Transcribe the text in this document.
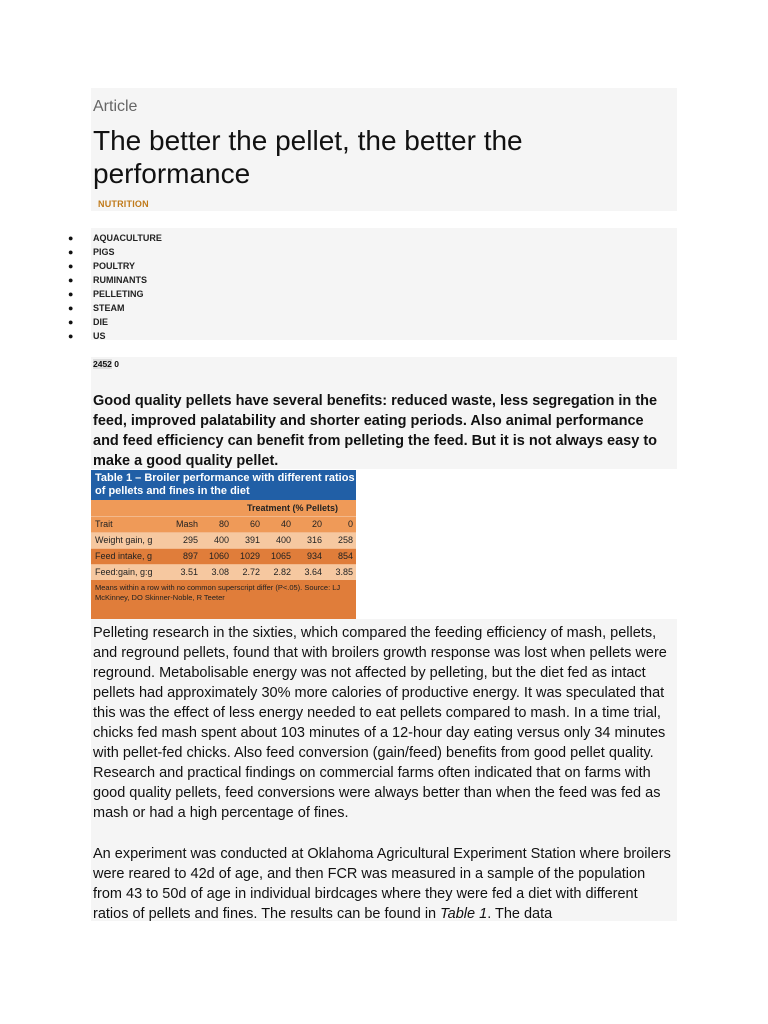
Article
The better the pellet, the better the performance
NUTRITION
● AQUACULTURE
● PIGS
● POULTRY
● RUMINANTS
● PELLETING
● STEAM
● DIE
● US
2452 0

Good quality pellets have several benefits: reduced waste, less segregation in the feed, improved palatability and shorter eating periods. Also animal performance and feed efficiency can benefit from pelleting the feed. But it is not always easy to make a good quality pellet.

Table 1 – Broiler performance with different ratios of pellets and fines in the diet
Treatment (% Pellets)
Trait	Mash	80	60	40	20	0
Weight gain, g	295	400	391	400	316	258
Feed intake, g	897	1060	1029	1065	934	854
Feed:gain, g:g	3.51	3.08	2.72	2.82	3.64	3.85
Means within a row with no common superscript differ (P<.05). Source: LJ McKinney, DO Skinner-Noble, R Teeter

Pelleting research in the sixties, which compared the feeding efficiency of mash, pellets, and reground pellets, found that with broilers growth response was lost when pellets were reground. Metabolisable energy was not affected by pelleting, but the diet fed as intact pellets had approximately 30% more calories of productive energy. It was speculated that this was the effect of less energy needed to eat pellets compared to mash. In a time trial, chicks fed mash spent about 103 minutes of a 12-hour day eating versus only 34 minutes with pellet-fed chicks. Also feed conversion (gain/feed) benefits from good pellet quality. Research and practical findings on commercial farms often indicated that on farms with good quality pellets, feed conversions were always better than when the feed was fed as mash or had a high percentage of fines.

An experiment was conducted at Oklahoma Agricultural Experiment Station where broilers were reared to 42d of age, and then FCR was measured in a sample of the population from 43 to 50d of age in individual birdcages where they were fed a diet with different ratios of pellets and fines. The results can be found in Table 1. The data
